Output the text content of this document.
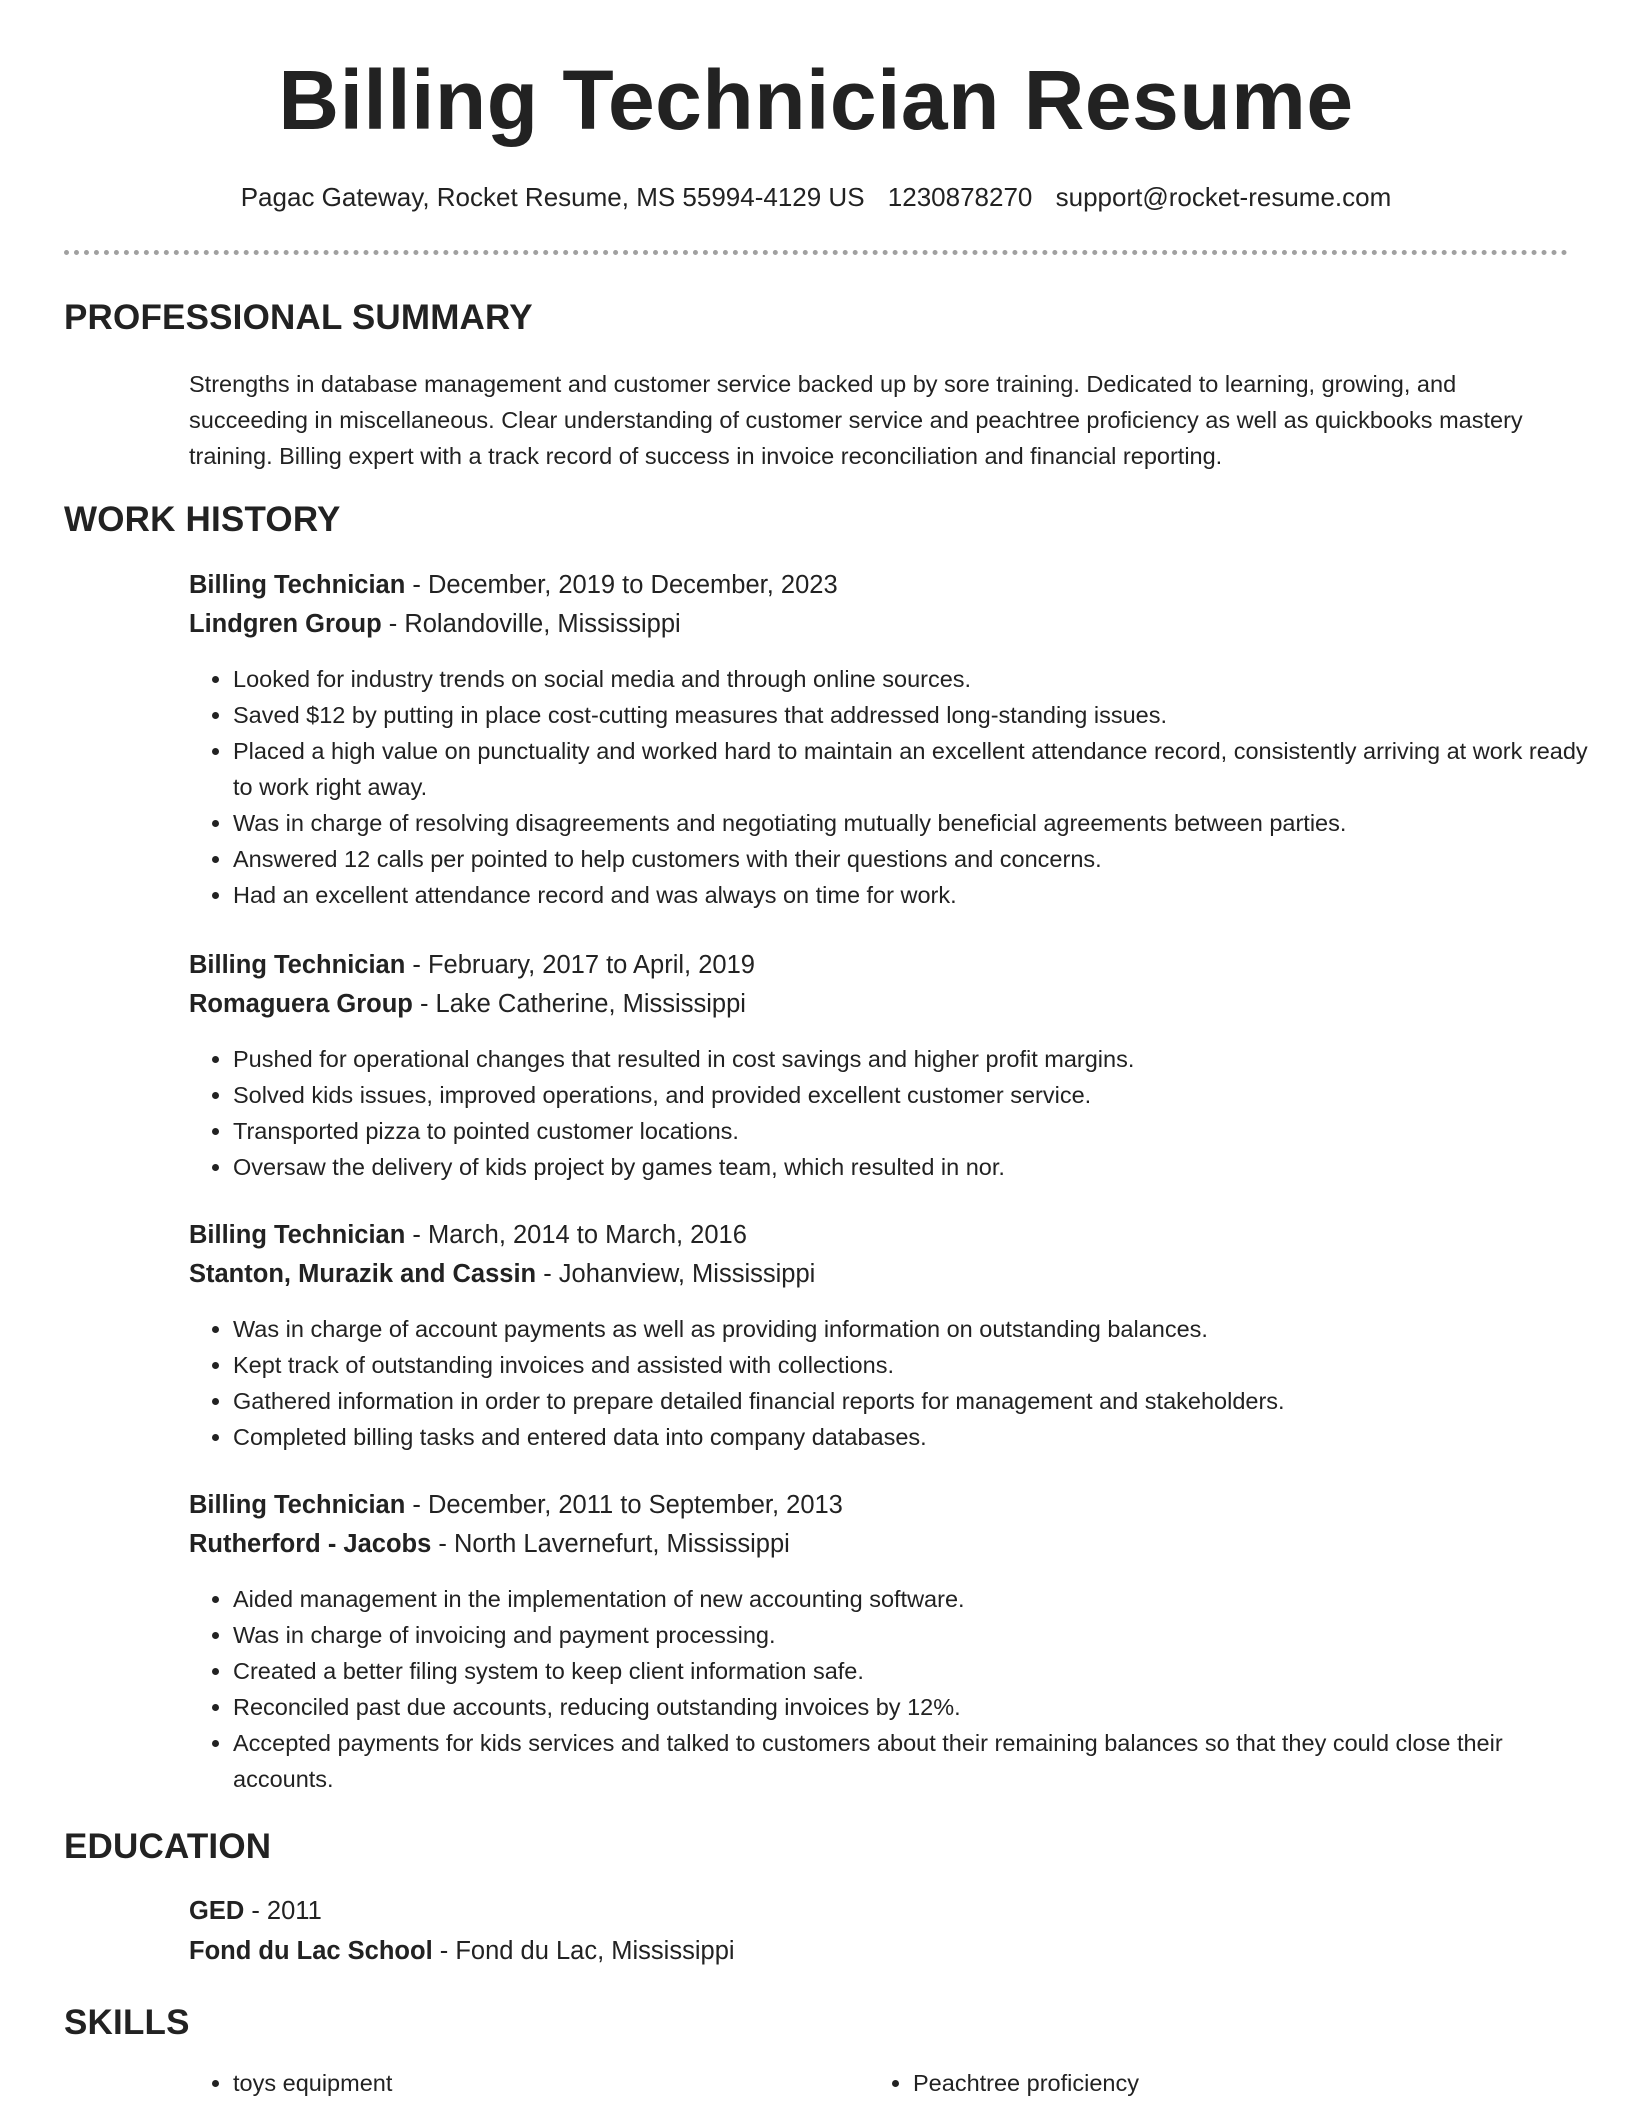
Billing Technician Resume
Pagac Gateway, Rocket Resume, MS 55994-4129 US 1230878270 support@rocket-resume.com
PROFESSIONAL SUMMARY

Strengths in database management and customer service backed up by sore training. Dedicated to learning, growing, and succeeding in miscellaneous. Clear understanding of customer service and peachtree proficiency as well as quickbooks mastery training. Billing expert with a track record of success in invoice reconciliation and financial reporting.

WORK HISTORY
Billing Technician - December, 2019 to December, 2023
Lindgren Group - Rolandoville, Mississippi
• Looked for industry trends on social media and through online sources.
• Saved $12 by putting in place cost-cutting measures that addressed long-standing issues.
• Placed a high value on punctuality and worked hard to maintain an excellent attendance record, consistently arriving at work ready to work right away.
• Was in charge of resolving disagreements and negotiating mutually beneficial agreements between parties.
• Answered 12 calls per pointed to help customers with their questions and concerns.
• Had an excellent attendance record and was always on time for work.
Billing Technician - February, 2017 to April, 2019
Romaguera Group - Lake Catherine, Mississippi
• Pushed for operational changes that resulted in cost savings and higher profit margins.
• Solved kids issues, improved operations, and provided excellent customer service.
• Transported pizza to pointed customer locations.
• Oversaw the delivery of kids project by games team, which resulted in nor.
Billing Technician - March, 2014 to March, 2016
Stanton, Murazik and Cassin - Johanview, Mississippi
• Was in charge of account payments as well as providing information on outstanding balances.
• Kept track of outstanding invoices and assisted with collections.
• Gathered information in order to prepare detailed financial reports for management and stakeholders.
• Completed billing tasks and entered data into company databases.
Billing Technician - December, 2011 to September, 2013
Rutherford - Jacobs - North Lavernefurt, Mississippi
• Aided management in the implementation of new accounting software.
• Was in charge of invoicing and payment processing.
• Created a better filing system to keep client information safe.
• Reconciled past due accounts, reducing outstanding invoices by 12%.
• Accepted payments for kids services and talked to customers about their remaining balances so that they could close their accounts.
EDUCATION
GED - 2011
Fond du Lac School - Fond du Lac, Mississippi
SKILLS
• toys equipment
•	Peachtree proficiency
